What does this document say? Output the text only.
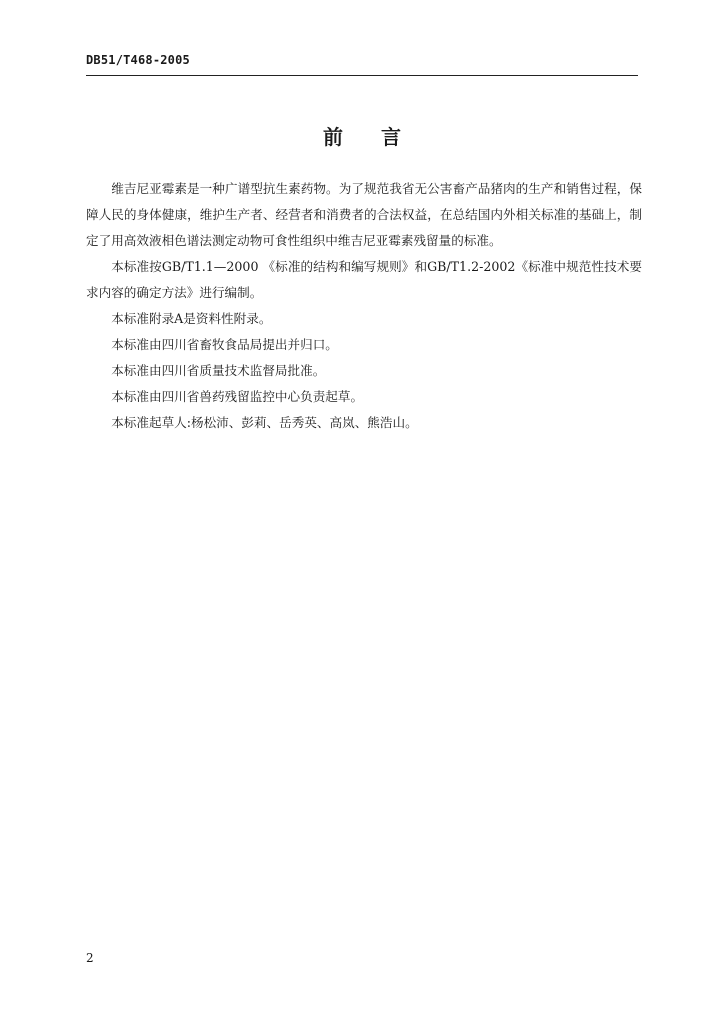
DB51/T468-2005
前 言

维吉尼亚霉素是一种广谱型抗生素药物。为了规范我省无公害畜产品猪肉的生产和销售过程，保障人民的身体健康，维护生产者、经营者和消费者的合法权益，在总结国内外相关标准的基础上，制定了用高效液相色谱法测定动物可食性组织中维吉尼亚霉素残留量的标准。

本标准按GB/T1.1—2000 《标准的结构和编写规则》和GB/T1.2-2002《标准中规范性技术要求内容的确定方法》进行编制。

本标准附录A是资料性附录。

本标准由四川省畜牧食品局提出并归口。

本标准由四川省质量技术监督局批准。

本标准由四川省兽药残留监控中心负责起草。

本标准起草人:杨松沛、彭莉、岳秀英、高岚、熊浩山。

2
